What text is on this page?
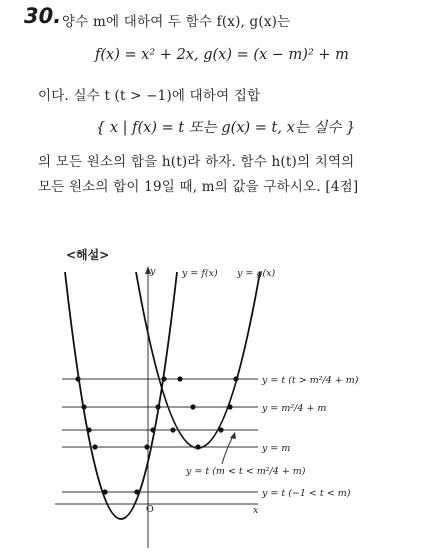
30. 양수 m에 대하여 두 함수 f(x), g(x)는
f(x) = x² + 2x, g(x) = (x − m)² + m
이다. 실수 t (t > −1)에 대하여 집합
{ x | f(x) = t 또는 g(x) = t, x는 실수 }
의 모든 원소의 합을 h(t)라 하자. 함수 h(t)의 치역의
모든 원소의 합이 19일 때, m의 값을 구하시오. [4점]
<해설>
y
x
O
y = f(x) y = g(x)
y = t (t > m²/4 + m)
y = m²/4 + m
y = m
y = t (m < t < m²/4 + m)
y = t (−1 < t < m)
